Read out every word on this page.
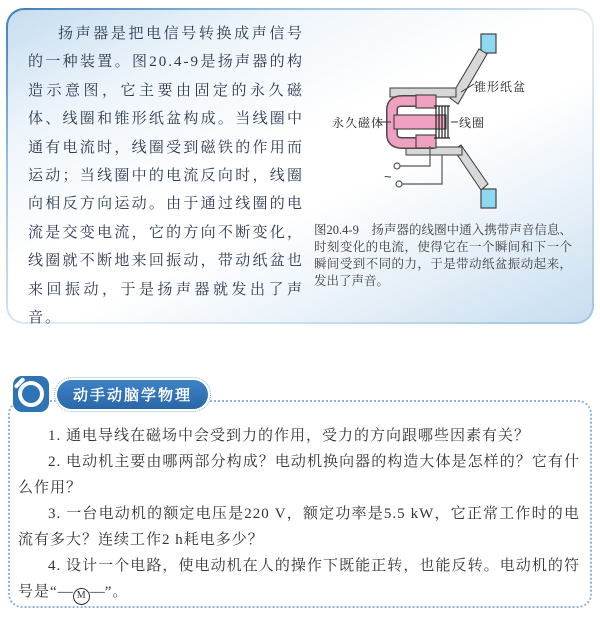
扬声器是把电信号转换成声信号的一种装置。图20.4-9是扬声器的构造示意图，它主要由固定的永久磁体、线圈和锥形纸盆构成。当线圈中通有电流时，线圈受到磁铁的作用而运动；当线圈中的电流反向时，线圈向相反方向运动。由于通过线圈的电流是交变电流，它的方向不断变化，线圈就不断地来回振动，带动纸盆也来回振动，于是扬声器就发出了声音。

~
永久磁体	线圈
锥形纸盆

图20.4-9　扬声器的线圈中通入携带声音信息、时刻变化的电流，使得它在一个瞬间和下一个瞬间受到不同的力，于是带动纸盆振动起来，发出了声音。

动手动脑学物理

1. 通电导线在磁场中会受到力的作用，受力的方向跟哪些因素有关？

2. 电动机主要由哪两部分构成？电动机换向器的构造大体是怎样的？它有什么作用？

3. 一台电动机的额定电压是220 V，额定功率是5.5 kW，它正常工作时的电流有多大？连续工作2 h耗电多少？

4. 设计一个电路，使电动机在人的操作下既能正转，也能反转。电动机的符号是“— M —”。
